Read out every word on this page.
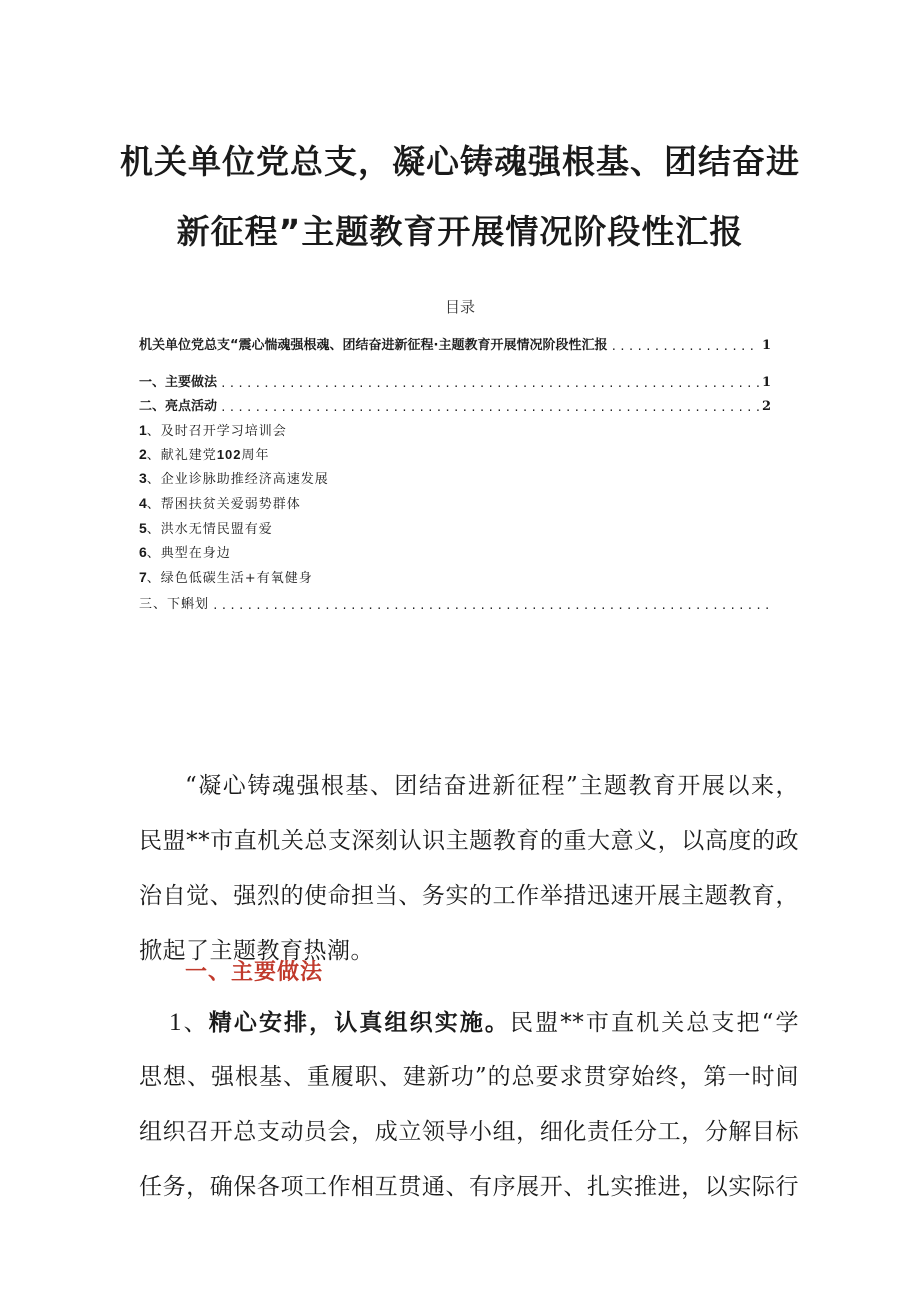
机关单位党总支，凝心铸魂强根基、团结奋进
新征程”主题教育开展情况阶段性汇报
目录
机关单位党总支“震心惴魂强根魂、团结奋进新征程·主题教育开展情况阶段性汇报 .....	1
一、主要做法 .....	1
二、亮点活动 .....	2
1、及时召开学习培训会
2、献礼建党102周年
3、企业诊脉助推经济高速发展
4、帮困扶贫关爱弱势群体
5、洪水无情民盟有爱
6、典型在身边
7、绿色低碳生活+有氧健身
三、下蝌划
.....
“凝心铸魂强根基、团结奋进新征程”主题教育开展以来，
民盟**市直机关总支深刻认识主题教育的重大意义，以高度的政
治自觉、强烈的使命担当、务实的工作举措迅速开展主题教育，
掀起了主题教育热潮。
一、主要做法
1、精心安排，认真组织实施。民盟**市直机关总支把“学
思想、强根基、重履职、建新功”的总要求贯穿始终，第一时间
组织召开总支动员会，成立领导小组，细化责任分工，分解目标
任务，确保各项工作相互贯通、有序展开、扎实推进，以实际行
